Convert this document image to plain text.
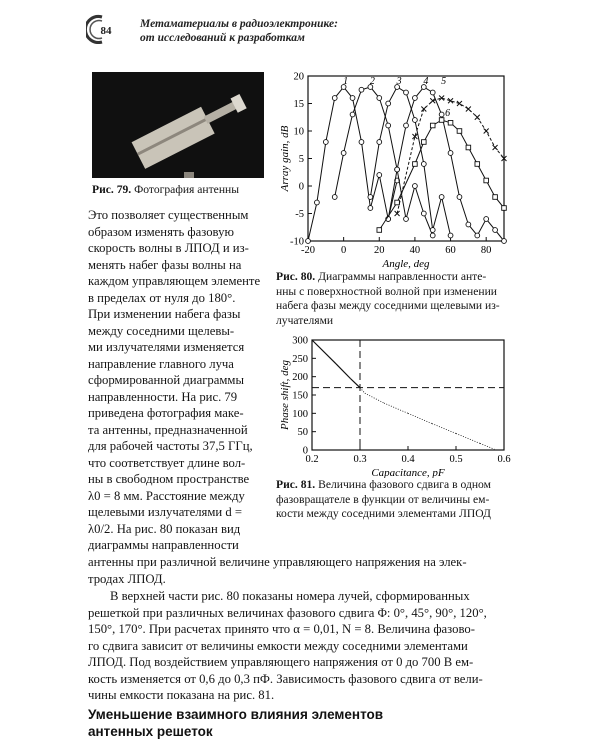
84
Метаматериалы в радиоэлектронике:
от исследований к разработкам
Рис. 79. Фотография антенны
Это позволяет существенным
образом изменять фазовую
скорость волны в ЛПОД и из-
менять набег фазы волны на
каждом управляющем элементе
в пределах от нуля до 180°.
При изменении набега фазы
между соседними щелевы-
ми излучателями изменяется
направление главного луча
сформированной диаграммы
направленности. На рис. 79
приведена фотография маке-
та антенны, предназначенной
для рабочей частоты 37,5 ГГц,
что соответствует длине вол-
ны в свободном пространстве
λ0 = 8 мм. Расстояние между
щелевыми излучателями d =
λ0/2. На рис. 80 показан вид
диаграммы направленности
антенны при различной величине управляющего напряжения на элек-
тродах ЛПОД.
В верхней части рис. 80 показаны номера лучей, сформированных
решеткой при различных величинах фазового сдвига Φ: 0°, 45°, 90°, 120°,
150°, 170°. При расчетах принято что α = 0,01, N = 8. Величина фазово-
го сдвига зависит от величины емкости между соседними элементами
ЛПОД. Под воздействием управляющего напряжения от 0 до 700 В ем-
кость изменяется от 0,6 до 0,3 пФ. Зависимость фазового сдвига от вели-
чины емкости показана на рис. 81.
Уменьшение взаимного влияния элементов
антенных решеток
-20 0	20 40 60 80
-10
-5
0
5
10
15
20
Angle, deg
Array gain, dB
1 2 3 4 5
6
Рис. 80. Диаграммы направленности анте-
нны с поверхностной волной при изменении
набега фазы между соседними щелевыми из-
лучателями
0.2	0.3	0.4	0.5	0.6
0
50
100
150
200
250
300
Capacitance, pF
Phase shift, deg
Рис. 81. Величина фазового сдвига в одном
фазовращателе в функции от величины ем-
кости между соседними элементами ЛПОД
